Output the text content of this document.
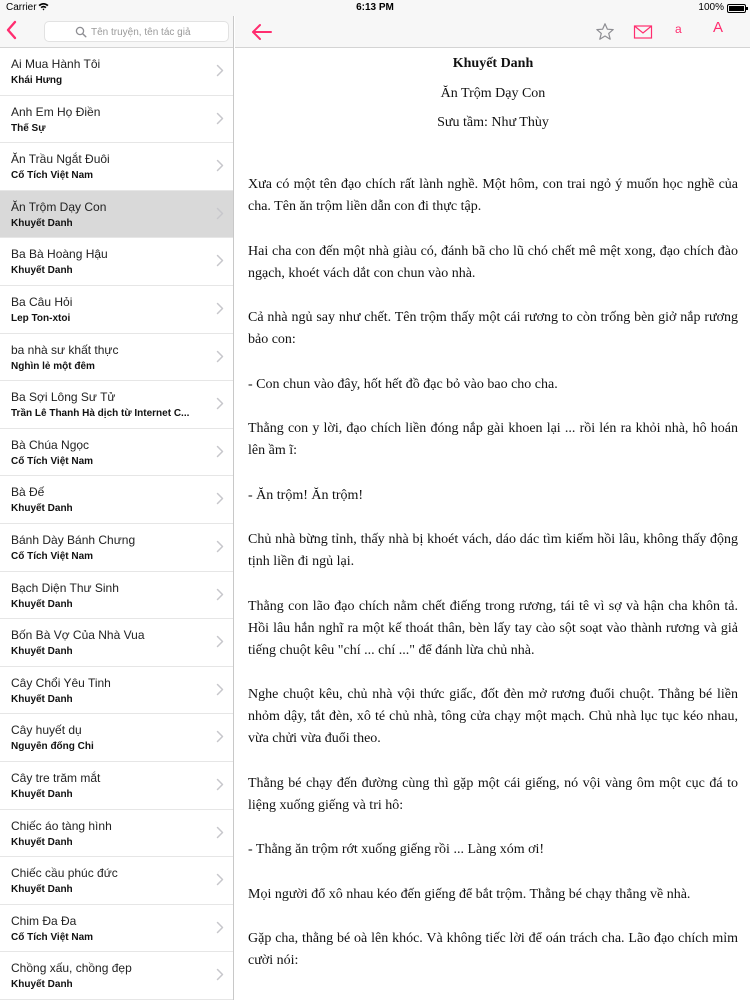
Carrier	6:13 PM	100%
Tên truyện, tên tác giả
Ai Mua Hành Tôi
Khái Hưng
Anh Em Họ Điền
Thế Sự
Ăn Trầu Ngắt Đuôi
Cổ Tích Việt Nam
Ăn Trộm Dạy Con
Khuyết Danh
Ba Bà Hoàng Hậu
Khuyết Danh
Ba Câu Hỏi
Lep Ton-xtoi
ba nhà sư khất thực
Nghìn lẻ một đêm
Ba Sợi Lông Sư Tử
Trần Lê Thanh Hà dịch từ Internet C...
Bà Chúa Ngọc
Cổ Tích Việt Nam
Bà Đế
Khuyết Danh
Bánh Dày Bánh Chưng
Cổ Tích Việt Nam
Bạch Diện Thư Sinh
Khuyết Danh
Bốn Bà Vợ Của Nhà Vua
Khuyết Danh
Cây Chổi Yêu Tinh
Khuyết Danh
Cây huyết dụ
Nguyễn đổng Chi
Cây tre trăm mắt
Khuyết Danh
Chiếc áo tàng hình
Khuyết Danh
Chiếc cầu phúc đức
Khuyết Danh
Chim Đa Đa
Cổ Tích Việt Nam
Chồng xấu, chồng đẹp
Khuyết Danh
a A
Khuyết Danh
Ăn Trộm Dạy Con
Sưu tầm: Như Thùy

Xưa có một tên đạo chích rất lành nghề. Một hôm, con trai ngỏ ý muốn học nghề của cha. Tên ăn trộm liền dẫn con đi thực tập.

Hai cha con đến một nhà giàu có, đánh bã cho lũ chó chết mê mệt xong, đạo chích đào ngạch, khoét vách dắt con chun vào nhà.

Cả nhà ngủ say như chết. Tên trộm thấy một cái rương to còn trống bèn giở nắp rương bảo con:

- Con chun vào đây, hốt hết đồ đạc bỏ vào bao cho cha.

Thằng con y lời, đạo chích liền đóng nắp gài khoen lại ... rồi lén ra khỏi nhà, hô hoán lên ầm ĩ:

- Ăn trộm! Ăn trộm!

Chủ nhà bừng tỉnh, thấy nhà bị khoét vách, dáo dác tìm kiếm hồi lâu, không thấy động tịnh liền đi ngủ lại.

Thằng con lão đạo chích nằm chết điếng trong rương, tái tê vì sợ và hận cha khôn tả. Hồi lâu hắn nghĩ ra một kế thoát thân, bèn lấy tay cào sột soạt vào thành rương và giả tiếng chuột kêu "chí ... chí ..." để đánh lừa chủ nhà.

Nghe chuột kêu, chủ nhà vội thức giấc, đốt đèn mở rương đuổi chuột. Thằng bé liền nhỏm dậy, tắt đèn, xô té chủ nhà, tông cửa chạy một mạch. Chủ nhà lục tục kéo nhau, vừa chửi vừa đuổi theo.

Thằng bé chạy đến đường cùng thì gặp một cái giếng, nó vội vàng ôm một cục đá to liệng xuống giếng và tri hô:

- Thằng ăn trộm rớt xuống giếng rồi ... Làng xóm ơi!

Mọi người đổ xô nhau kéo đến giếng để bắt trộm. Thằng bé chạy thẳng về nhà.

Gặp cha, thằng bé oà lên khóc. Và không tiếc lời để oán trách cha. Lão đạo chích mỉm cười nói:
